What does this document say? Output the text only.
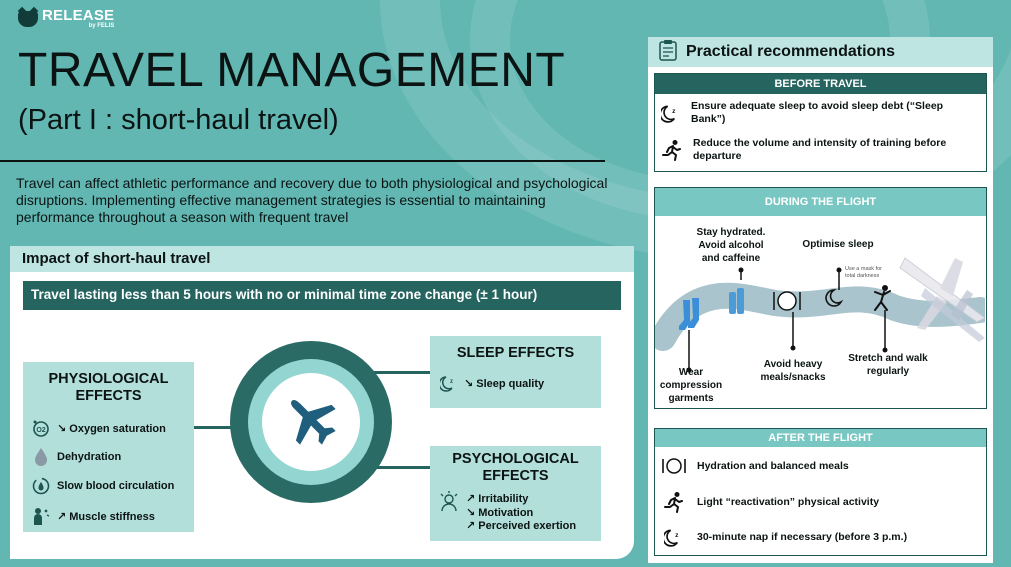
RELEASE
by FELIS
TRAVEL MANAGEMENT
(Part I : short-haul travel)
Travel can affect athletic performance and recovery due to both physiological and psychological disruptions. Implementing effective management strategies is essential to maintaining performance throughout a season with frequent travel
Impact of short-haul travel
Travel lasting less than 5 hours with no or minimal time zone change (± 1 hour)
PHYSIOLOGICAL
EFFECTS
O2 ↘ Oxygen saturation
Dehydration
Slow blood circulation
↗ Muscle stiffness
SLEEP EFFECTS
z ↘ Sleep quality
PSYCHOLOGICAL
EFFECTS
↗ Irritability
↘ Motivation
↗ Perceived exertion
Practical recommendations
BEFORE TRAVEL
z Ensure adequate sleep to avoid sleep debt (“Sleep
Bank”)
Reduce the volume and intensity of training before
departure
DURING THE FLIGHT
Stay hydrated.
Avoid alcohol
and caffeine
Optimise sleep
Use a mask for
total darkness
Wear
compression
garments
Avoid heavy
meals/snacks
Stretch and walk
regularly
AFTER THE FLIGHT
Hydration and balanced meals
Light “reactivation” physical activity
z 30-minute nap if necessary (before 3 p.m.)
